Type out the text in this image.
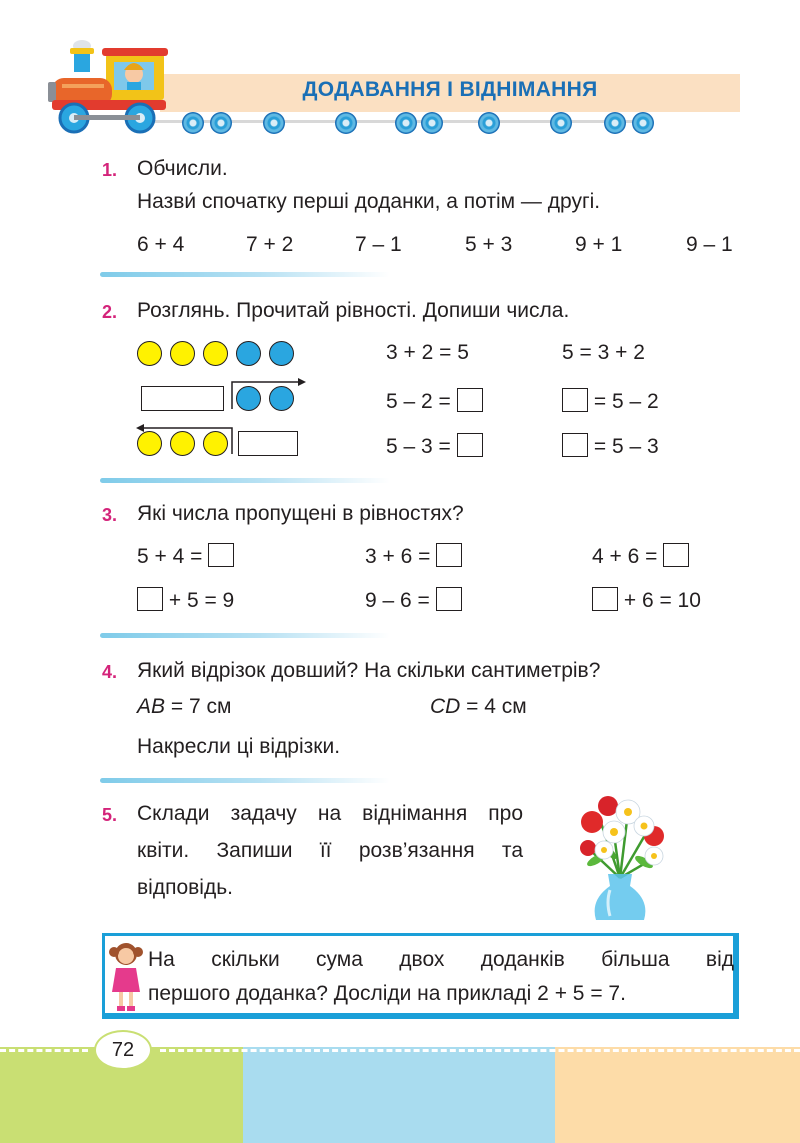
ДОДАВАННЯ І ВІДНІМАННЯ
1. Обчисли.
Назви́ спочатку перші доданки, а потім — другі.
6 + 4	7 + 2	7 – 1	5 + 3	9 + 1	9 – 1
2. Розглянь. Прочитай рівності. Допиши числа.
3 + 2 = 5	5 = 3 + 2
5 – 2 =	= 5 – 2
5 – 3 =	= 5 – 3
3. Які числа пропущені в рівностях?
5 + 4 =	3 + 6 =	4 + 6 =
+ 5 = 9	9 – 6 =	+ 6 = 10
4. Який відрізок довший? На скільки сантиметрів?
AB = 7 см	CD = 4 см
Накресли ці відрізки.
5. Склади задачу на віднімання про
квіти. Запиши її розв’язання та
відповідь.
На скільки сума двох доданків більша від
першого доданка? Досліди на прикладі 2 + 5 = 7.
72
